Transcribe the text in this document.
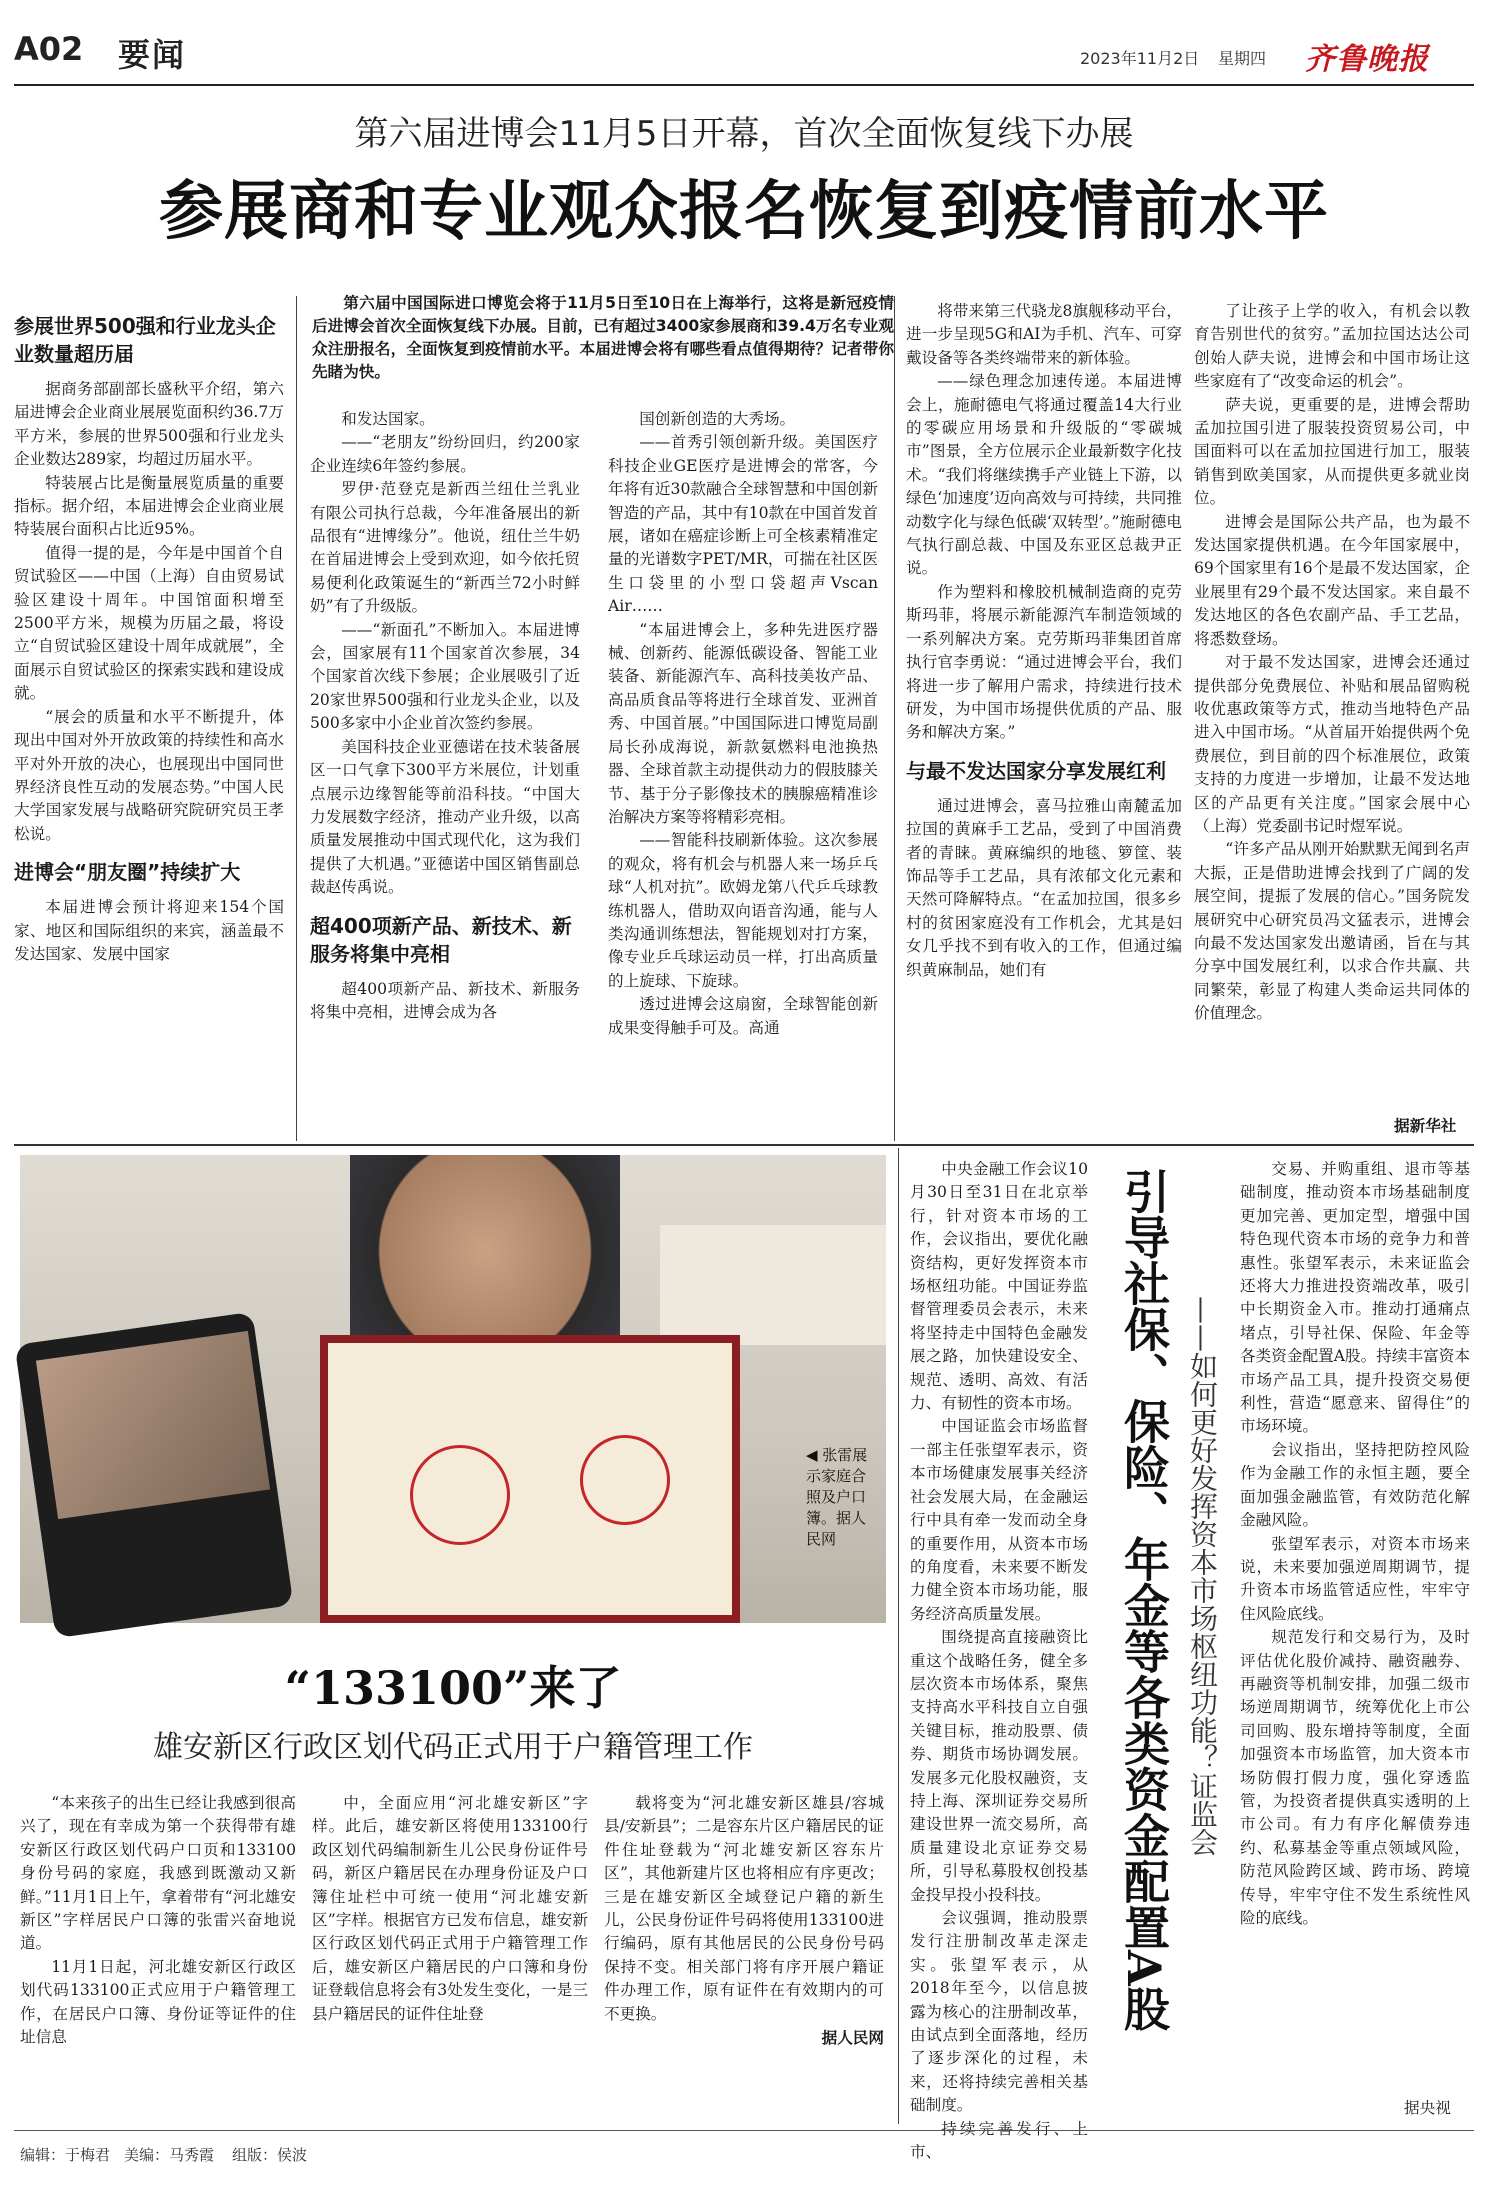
A02 要闻	2023年11月2日 星期四 齐鲁晚报
第六届进博会11月5日开幕，首次全面恢复线下办展
参展商和专业观众报名恢复到疫情前水平
第六届中国国际进口博览会将于11月5日至10日在上海举行，这将是新冠疫情后进博会首次全面恢复线下办展。目前，已有超过3400家参展商和39.4万名专业观众注册报名，全面恢复到疫情前水平。本届进博会将有哪些看点值得期待？记者带你先睹为快。
参展世界500强和行业龙头企业数量超历届

据商务部副部长盛秋平介绍，第六届进博会企业商业展展览面积约36.7万平方米，参展的世界500强和行业龙头企业数达289家，均超过历届水平。

特装展占比是衡量展览质量的重要指标。据介绍，本届进博会企业商业展特装展台面积占比近95%。

值得一提的是，今年是中国首个自贸试验区——中国（上海）自由贸易试验区建设十周年。中国馆面积增至2500平方米，规模为历届之最，将设立“自贸试验区建设十周年成就展”，全面展示自贸试验区的探索实践和建设成就。

“展会的质量和水平不断提升，体现出中国对外开放政策的持续性和高水平对外开放的决心，也展现出中国同世界经济良性互动的发展态势。”中国人民大学国家发展与战略研究院研究员王孝松说。

进博会“朋友圈”持续扩大

本届进博会预计将迎来154个国家、地区和国际组织的来宾，涵盖最不发达国家、发展中国家

和发达国家。

——“老朋友”纷纷回归，约200家企业连续6年签约参展。

罗伊·范登克是新西兰纽仕兰乳业有限公司执行总裁，今年准备展出的新品很有“进博缘分”。他说，纽仕兰牛奶在首届进博会上受到欢迎，如今依托贸易便利化政策诞生的“新西兰72小时鲜奶”有了升级版。

——“新面孔”不断加入。本届进博会，国家展有11个国家首次参展，34个国家首次线下参展；企业展吸引了近20家世界500强和行业龙头企业，以及500多家中小企业首次签约参展。

美国科技企业亚德诺在技术装备展区一口气拿下300平方米展位，计划重点展示边缘智能等前沿科技。“中国大力发展数字经济，推动产业升级，以高质量发展推动中国式现代化，这为我们提供了大机遇。”亚德诺中国区销售副总裁赵传禹说。

超400项新产品、新技术、新服务将集中亮相

超400项新产品、新技术、新服务将集中亮相，进博会成为各

国创新创造的大秀场。

——首秀引领创新升级。美国医疗科技企业GE医疗是进博会的常客，今年将有近30款融合全球智慧和中国创新智造的产品，其中有10款在中国首发首展，诸如在癌症诊断上可全核素精准定量的光谱数字PET/MR，可揣在社区医生口袋里的小型口袋超声Vscan Air……

“本届进博会上，多种先进医疗器械、创新药、能源低碳设备、智能工业装备、新能源汽车、高科技美妆产品、高品质食品等将进行全球首发、亚洲首秀、中国首展。”中国国际进口博览局副局长孙成海说，新款氨燃料电池换热器、全球首款主动提供动力的假肢膝关节、基于分子影像技术的胰腺癌精准诊治解决方案等将精彩亮相。

——智能科技刷新体验。这次参展的观众，将有机会与机器人来一场乒乓球“人机对抗”。欧姆龙第八代乒乓球教练机器人，借助双向语音沟通，能与人类沟通训练想法，智能规划对打方案，像专业乒乓球运动员一样，打出高质量的上旋球、下旋球。

透过进博会这扇窗，全球智能创新成果变得触手可及。高通

将带来第三代骁龙8旗舰移动平台，进一步呈现5G和AI为手机、汽车、可穿戴设备等各类终端带来的新体验。

——绿色理念加速传递。本届进博会上，施耐德电气将通过覆盖14大行业的零碳应用场景和升级版的“零碳城市”图景，全方位展示企业最新数字化技术。“我们将继续携手产业链上下游，以绿色‘加速度’迈向高效与可持续，共同推动数字化与绿色低碳‘双转型’。”施耐德电气执行副总裁、中国及东亚区总裁尹正说。

作为塑料和橡胶机械制造商的克劳斯玛菲，将展示新能源汽车制造领域的一系列解决方案。克劳斯玛菲集团首席执行官李勇说：“通过进博会平台，我们将进一步了解用户需求，持续进行技术研发，为中国市场提供优质的产品、服务和解决方案。”

与最不发达国家分享发展红利

通过进博会，喜马拉雅山南麓孟加拉国的黄麻手工艺品，受到了中国消费者的青睐。黄麻编织的地毯、箩筐、装饰品等手工艺品，具有浓郁文化元素和天然可降解特点。“在孟加拉国，很多乡村的贫困家庭没有工作机会，尤其是妇女几乎找不到有收入的工作，但通过编织黄麻制品，她们有

了让孩子上学的收入，有机会以教育告别世代的贫穷。”孟加拉国达达公司创始人萨夫说，进博会和中国市场让这些家庭有了“改变命运的机会”。

萨夫说，更重要的是，进博会帮助孟加拉国引进了服装投资贸易公司，中国面料可以在孟加拉国进行加工，服装销售到欧美国家，从而提供更多就业岗位。

进博会是国际公共产品，也为最不发达国家提供机遇。在今年国家展中，69个国家里有16个是最不发达国家，企业展里有29个最不发达国家。来自最不发达地区的各色农副产品、手工艺品，将悉数登场。

对于最不发达国家，进博会还通过提供部分免费展位、补贴和展品留购税收优惠政策等方式，推动当地特色产品进入中国市场。“从首届开始提供两个免费展位，到目前的四个标准展位，政策支持的力度进一步增加，让最不发达地区的产品更有关注度。”国家会展中心（上海）党委副书记时煜军说。

“许多产品从刚开始默默无闻到名声大振，正是借助进博会找到了广阔的发展空间，提振了发展的信心。”国务院发展研究中心研究员冯文猛表示，进博会向最不发达国家发出邀请函，旨在与其分享中国发展红利，以求合作共赢、共同繁荣，彰显了构建人类命运共同体的价值理念。

据新华社
◀ 张雷展示家庭合照及户口簿。据人民网
“133100”来了
雄安新区行政区划代码正式用于户籍管理工作

“本来孩子的出生已经让我感到很高兴了，现在有幸成为第一个获得带有雄安新区行政区划代码户口页和133100身份号码的家庭，我感到既激动又新鲜。”11月1日上午，拿着带有“河北雄安新区”字样居民户口簿的张雷兴奋地说道。

11月1日起，河北雄安新区行政区划代码133100正式应用于户籍管理工作，在居民户口簿、身份证等证件的住址信息

中，全面应用“河北雄安新区”字样。此后，雄安新区将使用133100行政区划代码编制新生儿公民身份证件号码，新区户籍居民在办理身份证及户口簿住址栏中可统一使用“河北雄安新区”字样。根据官方已发布信息，雄安新区行政区划代码正式用于户籍管理工作后，雄安新区户籍居民的户口簿和身份证登载信息将会有3处发生变化，一是三县户籍居民的证件住址登

载将变为“河北雄安新区雄县/容城县/安新县”；二是容东片区户籍居民的证件住址登载为“河北雄安新区容东片区”，其他新建片区也将相应有序更改；三是在雄安新区全域登记户籍的新生儿，公民身份证件号码将使用133100进行编码，原有其他居民的公民身份号码保持不变。相关部门将有序开展户籍证件办理工作，原有证件在有效期内的可不更换。

据人民网

中央金融工作会议10月30日至31日在北京举行，针对资本市场的工作，会议指出，要优化融资结构，更好发挥资本市场枢纽功能。中国证券监督管理委员会表示，未来将坚持走中国特色金融发展之路，加快建设安全、规范、透明、高效、有活力、有韧性的资本市场。

中国证监会市场监督一部主任张望军表示，资本市场健康发展事关经济社会发展大局，在金融运行中具有牵一发而动全身的重要作用，从资本市场的角度看，未来要不断发力健全资本市场功能，服务经济高质量发展。

围绕提高直接融资比重这个战略任务，健全多层次资本市场体系，聚焦支持高水平科技自立自强关键目标，推动股票、债券、期货市场协调发展。发展多元化股权融资，支持上海、深圳证券交易所建设世界一流交易所，高质量建设北京证券交易所，引导私募股权创投基金投早投小投科技。

会议强调，推动股票发行注册制改革走深走实。张望军表示，从2018年至今，以信息披露为核心的注册制改革，由试点到全面落地，经历了逐步深化的过程，未来，还将持续完善相关基础制度。

持续完善发行、上市、

引导社保、保险、年金等各类资金配置A股 ——如何更好发挥资本市场枢纽功能？证监会

交易、并购重组、退市等基础制度，推动资本市场基础制度更加完善、更加定型，增强中国特色现代资本市场的竞争力和普惠性。张望军表示，未来证监会还将大力推进投资端改革，吸引中长期资金入市。推动打通痛点堵点，引导社保、保险、年金等各类资金配置A股。持续丰富资本市场产品工具，提升投资交易便利性，营造“愿意来、留得住”的市场环境。

会议指出，坚持把防控风险作为金融工作的永恒主题，要全面加强金融监管，有效防范化解金融风险。

张望军表示，对资本市场来说，未来要加强逆周期调节，提升资本市场监管适应性，牢牢守住风险底线。

规范发行和交易行为，及时评估优化股价减持、融资融券、再融资等机制安排，加强二级市场逆周期调节，统筹优化上市公司回购、股东增持等制度，全面加强资本市场监管，加大资本市场防假打假力度，强化穿透监管，为投资者提供真实透明的上市公司。有力有序化解债券违约、私募基金等重点领域风险，防范风险跨区域、跨市场、跨境传导，牢牢守住不发生系统性风险的底线。

据央视
编辑：于梅君 美编：马秀霞 组版：侯波
